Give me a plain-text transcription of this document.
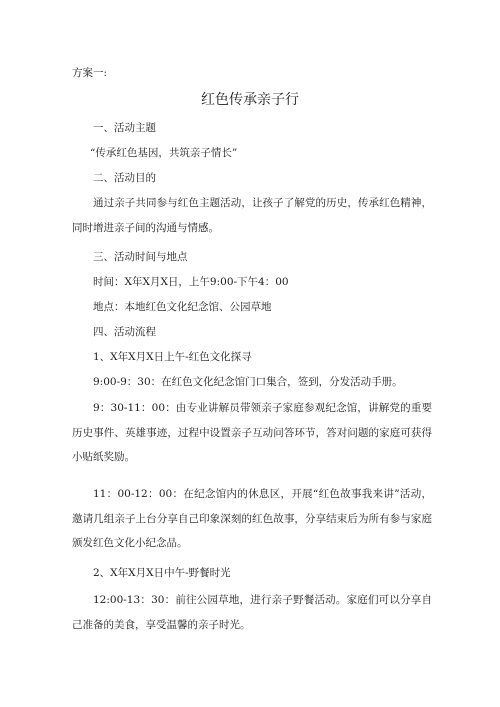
方案一:
红色传承亲子行
一、活动主题
“传承红色基因，共筑亲子情长”
二、活动目的
通过亲子共同参与红色主题活动，让孩子了解党的历史，传承红色精神，同时增进亲子间的沟通与情感。
三、活动时间与地点
时间：X年X月X日，上午9:00-下午4：00
地点：本地红色文化纪念馆、公园草地
四、活动流程
1、X年X月X日上午-红色文化探寻
9:00-9：30：在红色文化纪念馆门口集合，签到，分发活动手册。
9：30-11：00：由专业讲解员带领亲子家庭参观纪念馆，讲解党的重要历史事件、英雄事迹，过程中设置亲子互动问答环节，答对问题的家庭可获得小贴纸奖励。
11：00-12：00：在纪念馆内的休息区，开展“红色故事我来讲”活动，邀请几组亲子上台分享自己印象深刻的红色故事，分享结束后为所有参与家庭颁发红色文化小纪念品。
2、X年X月X日中午-野餐时光
12:00-13：30：前往公园草地，进行亲子野餐活动。家庭们可以分享自己准备的美食，享受温馨的亲子时光。
